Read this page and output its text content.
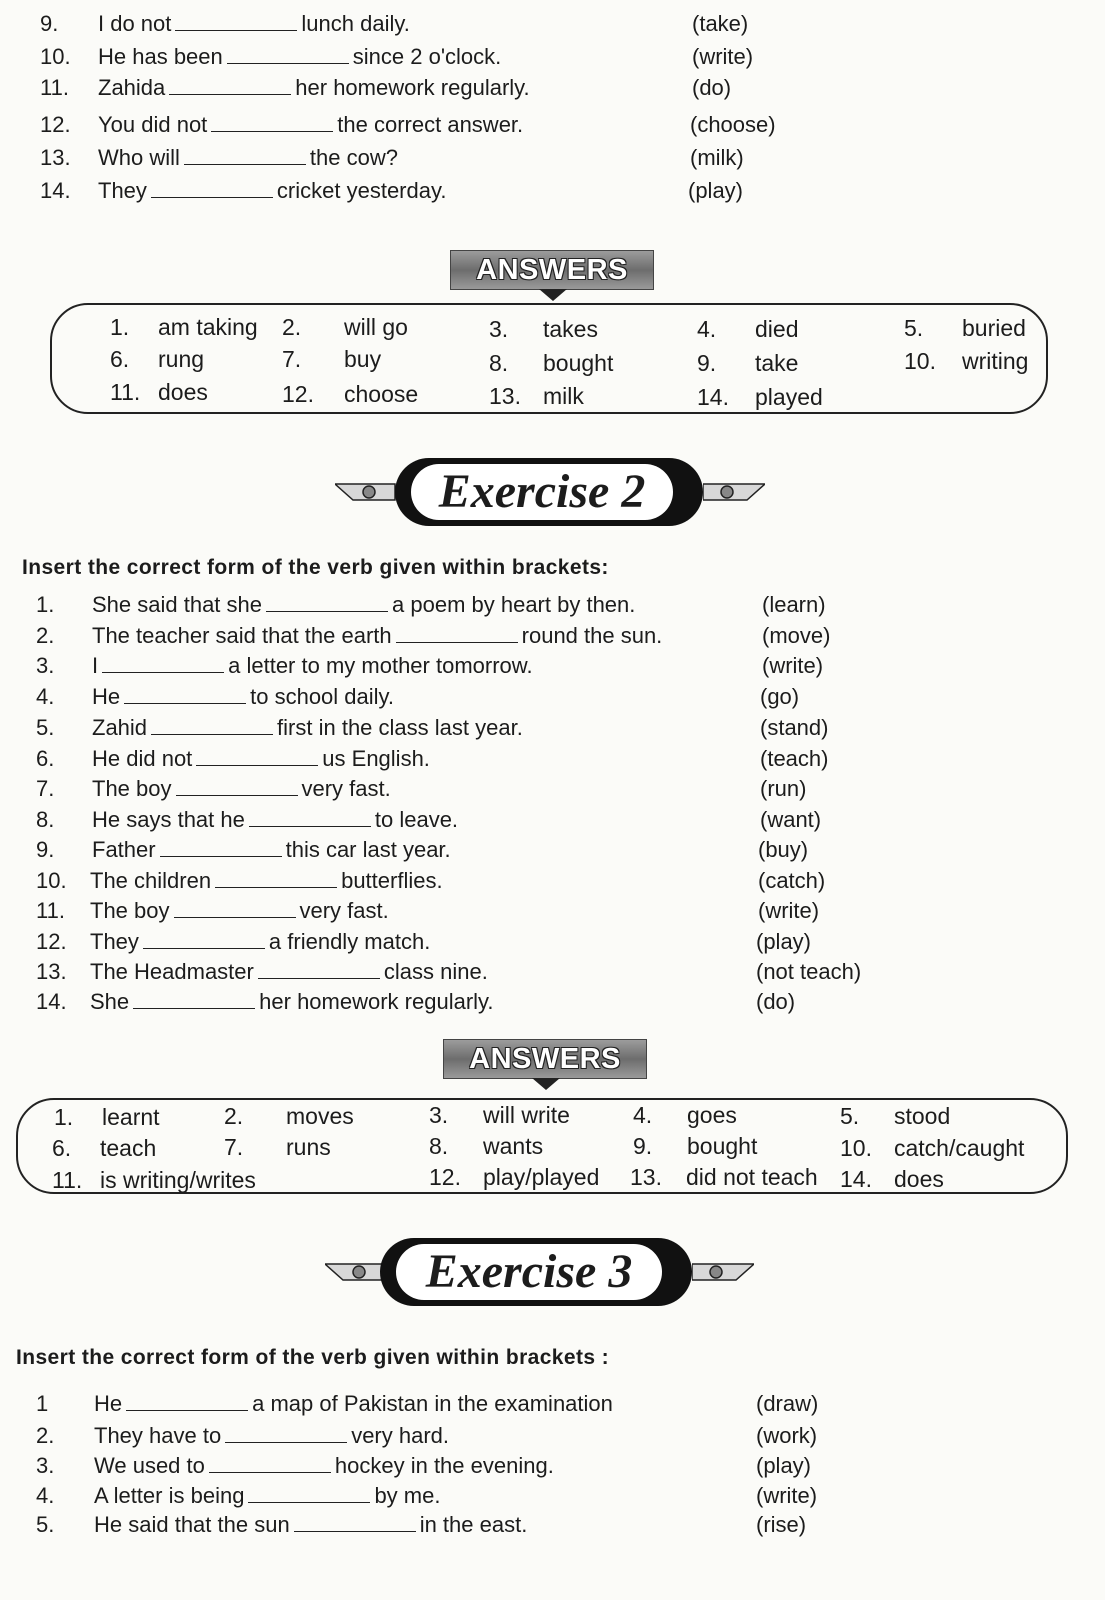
9. I do not	lunch daily.	(take)
10. He has been	since 2 o'clock.	(write)
11. Zahida	her homework regularly.	(do)
12. You did not	the correct answer.	(choose)
13. Who will	the cow?	(milk)
14. They	cricket yesterday.	(play)
ANSWERS
1. am taking 2. will go	3. takes	4. died	5. buried
6. rung	7. buy	8. bought	9. take	10. writing
11. does	12. choose	13. milk	14. played
Exercise 2
Insert the correct form of the verb given within brackets:
1. She said that she	a poem by heart by then.	(learn)
2. The teacher said that the earth	round the sun.	(move)
3. I	a letter to my mother tomorrow.	(write)
4. He	to school daily.	(go)
5. Zahid	first in the class last year.	(stand)
6. He did not	us English.	(teach)
7. The boy	very fast.	(run)
8. He says that he	to leave.	(want)
9. Father	this car last year.	(buy)
10. The children	butterflies.	(catch)
11. The boy	very fast.	(write)
12. They	a friendly match.	(play)
13. The Headmaster	class nine.	(not teach)
14. She	her homework regularly.	(do)
ANSWERS
1. learnt	2. moves	3. will write	4. goes	5. stood
6. teach	7. runs	8. wants	9. bought	10. catch/caught
11. is writing/writes	12. play/played 13. did not teach 14. does
Exercise 3
Insert the correct form of the verb given within brackets :
1 He	a map of Pakistan in the examination	(draw)
2. They have to	very hard.	(work)
3. We used to	hockey in the evening.	(play)
4. A letter is being	by me.	(write)
5. He said that the sun	in the east.	(rise)
